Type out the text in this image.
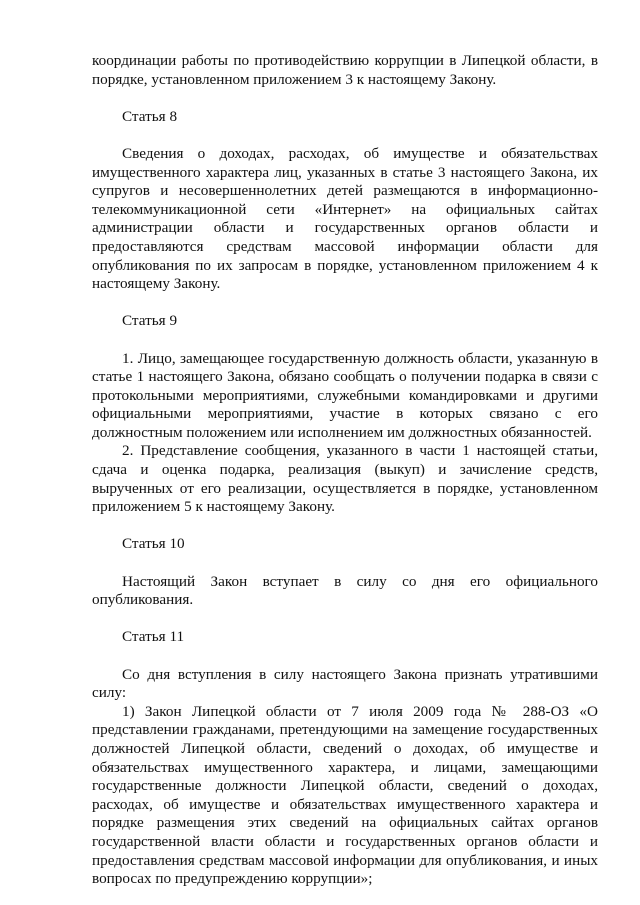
координации работы по противодействию коррупции в Липецкой области, в порядке, установленном приложением 3 к настоящему Закону.

Статья 8

Сведения о доходах, расходах, об имуществе и обязательствах имущественного характера лиц, указанных в статье 3 настоящего Закона, их супругов и несовершеннолетних детей размещаются в информационно-телекоммуникационной сети «Интернет» на официальных сайтах администрации области и государственных органов области и предоставляются средствам массовой информации области для опубликования по их запросам в порядке, установленном приложением 4 к настоящему Закону.

Статья 9

1. Лицо, замещающее государственную должность области, указанную в статье 1 настоящего Закона, обязано сообщать о получении подарка в связи с протокольными мероприятиями, служебными командировками и другими официальными мероприятиями, участие в которых связано с его должностным положением или исполнением им должностных обязанностей.

2. Представление сообщения, указанного в части 1 настоящей статьи, сдача и оценка подарка, реализация (выкуп) и зачисление средств, вырученных от его реализации, осуществляется в порядке, установленном приложением 5 к настоящему Закону.

Статья 10

Настоящий Закон вступает в силу со дня его официального опубликования.

Статья 11

Со дня вступления в силу настоящего Закона признать утратившими силу:

1) Закон Липецкой области от 7 июля 2009 года № 288-ОЗ «О представлении гражданами, претендующими на замещение государственных должностей Липецкой области, сведений о доходах, об имуществе и обязательствах имущественного характера, и лицами, замещающими государственные должности Липецкой области, сведений о доходах, расходах, об имуществе и обязательствах имущественного характера и порядке размещения этих сведений на официальных сайтах органов государственной власти области и государственных органов области и предоставления средствам массовой информации для опубликования, и иных вопросах по предупреждению коррупции»;
